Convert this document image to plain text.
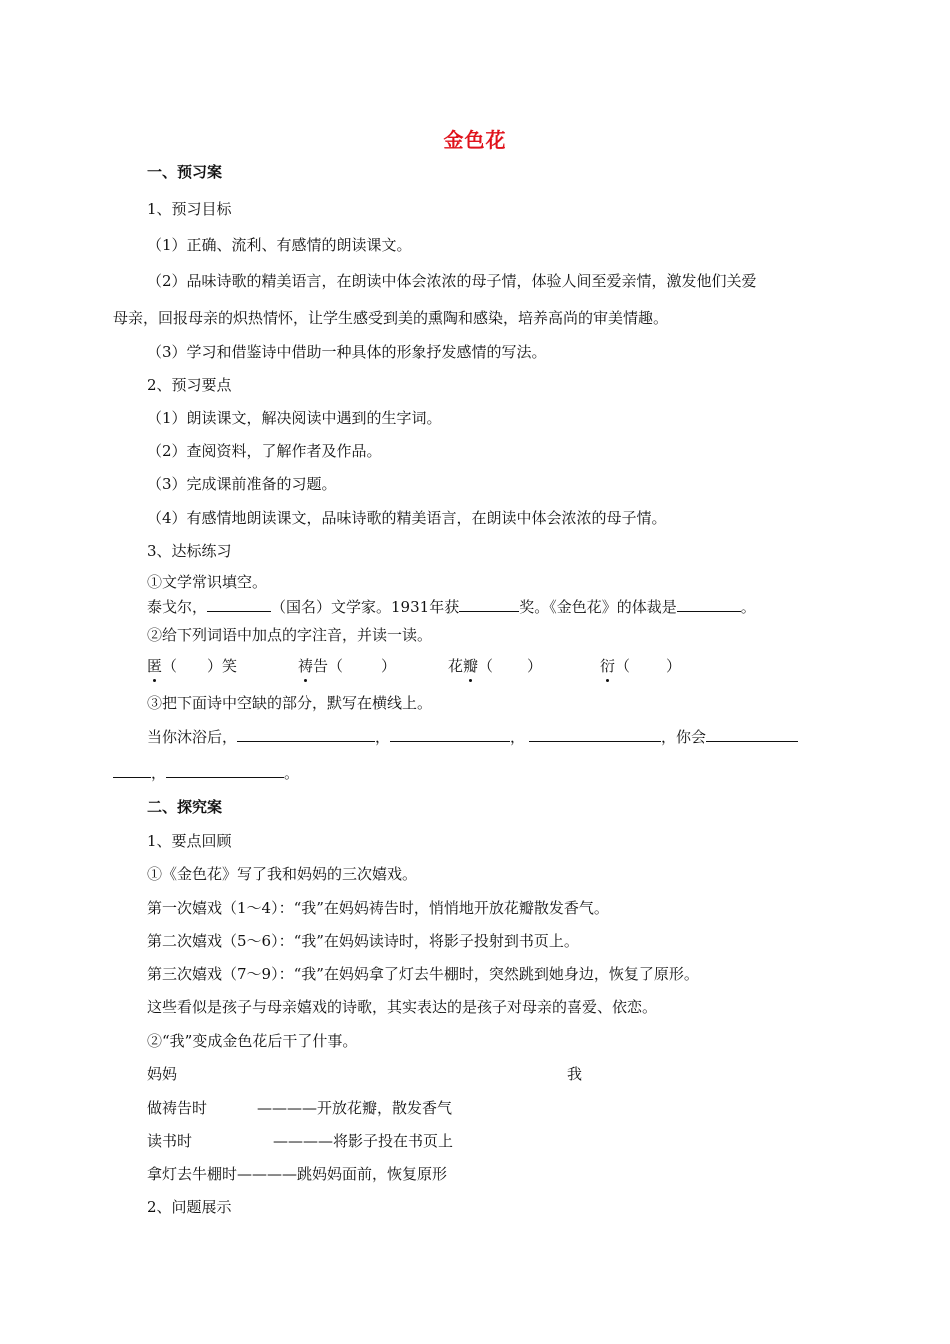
金色花
一、预习案
1、预习目标
（1）正确、流利、有感情的朗读课文。
（2）品味诗歌的精美语言，在朗读中体会浓浓的母子情，体验人间至爱亲情，激发他们关爱
母亲，回报母亲的炽热情怀，让学生感受到美的熏陶和感染，培养高尚的审美情趣。
（3）学习和借鉴诗中借助一种具体的形象抒发感情的写法。
2、预习要点
（1）朗读课文，解决阅读中遇到的生字词。
（2）查阅资料，了解作者及作品。
（3）完成课前准备的习题。
（4）有感情地朗读课文，品味诗歌的精美语言，在朗读中体会浓浓的母子情。
3、达标练习
①文学常识填空。
泰戈尔，	（国名）文学家。1931年获	奖。《金色花》的体裁是	。
②给下列词语中加点的字注音，并读一读。
匿（ ）笑	祷告（	）	花瓣（ ）	衍（ ）
③把下面诗中空缺的部分，默写在横线上。
当你沐浴后，	，	，	，你会
，	。
二、探究案
1、要点回顾
①《金色花》写了我和妈妈的三次嬉戏。
第一次嬉戏（1～4）：“我”在妈妈祷告时，悄悄地开放花瓣散发香气。
第二次嬉戏（5～6）：“我”在妈妈读诗时，将影子投射到书页上。
第三次嬉戏（7～9）：“我”在妈妈拿了灯去牛棚时，突然跳到她身边，恢复了原形。
这些看似是孩子与母亲嬉戏的诗歌，其实表达的是孩子对母亲的喜爱、依恋。
②“我”变成金色花后干了什事。
妈妈	我
做祷告时	————开放花瓣，散发香气
读书时	————将影子投在书页上
拿灯去牛棚时————跳妈妈面前，恢复原形
2、问题展示
